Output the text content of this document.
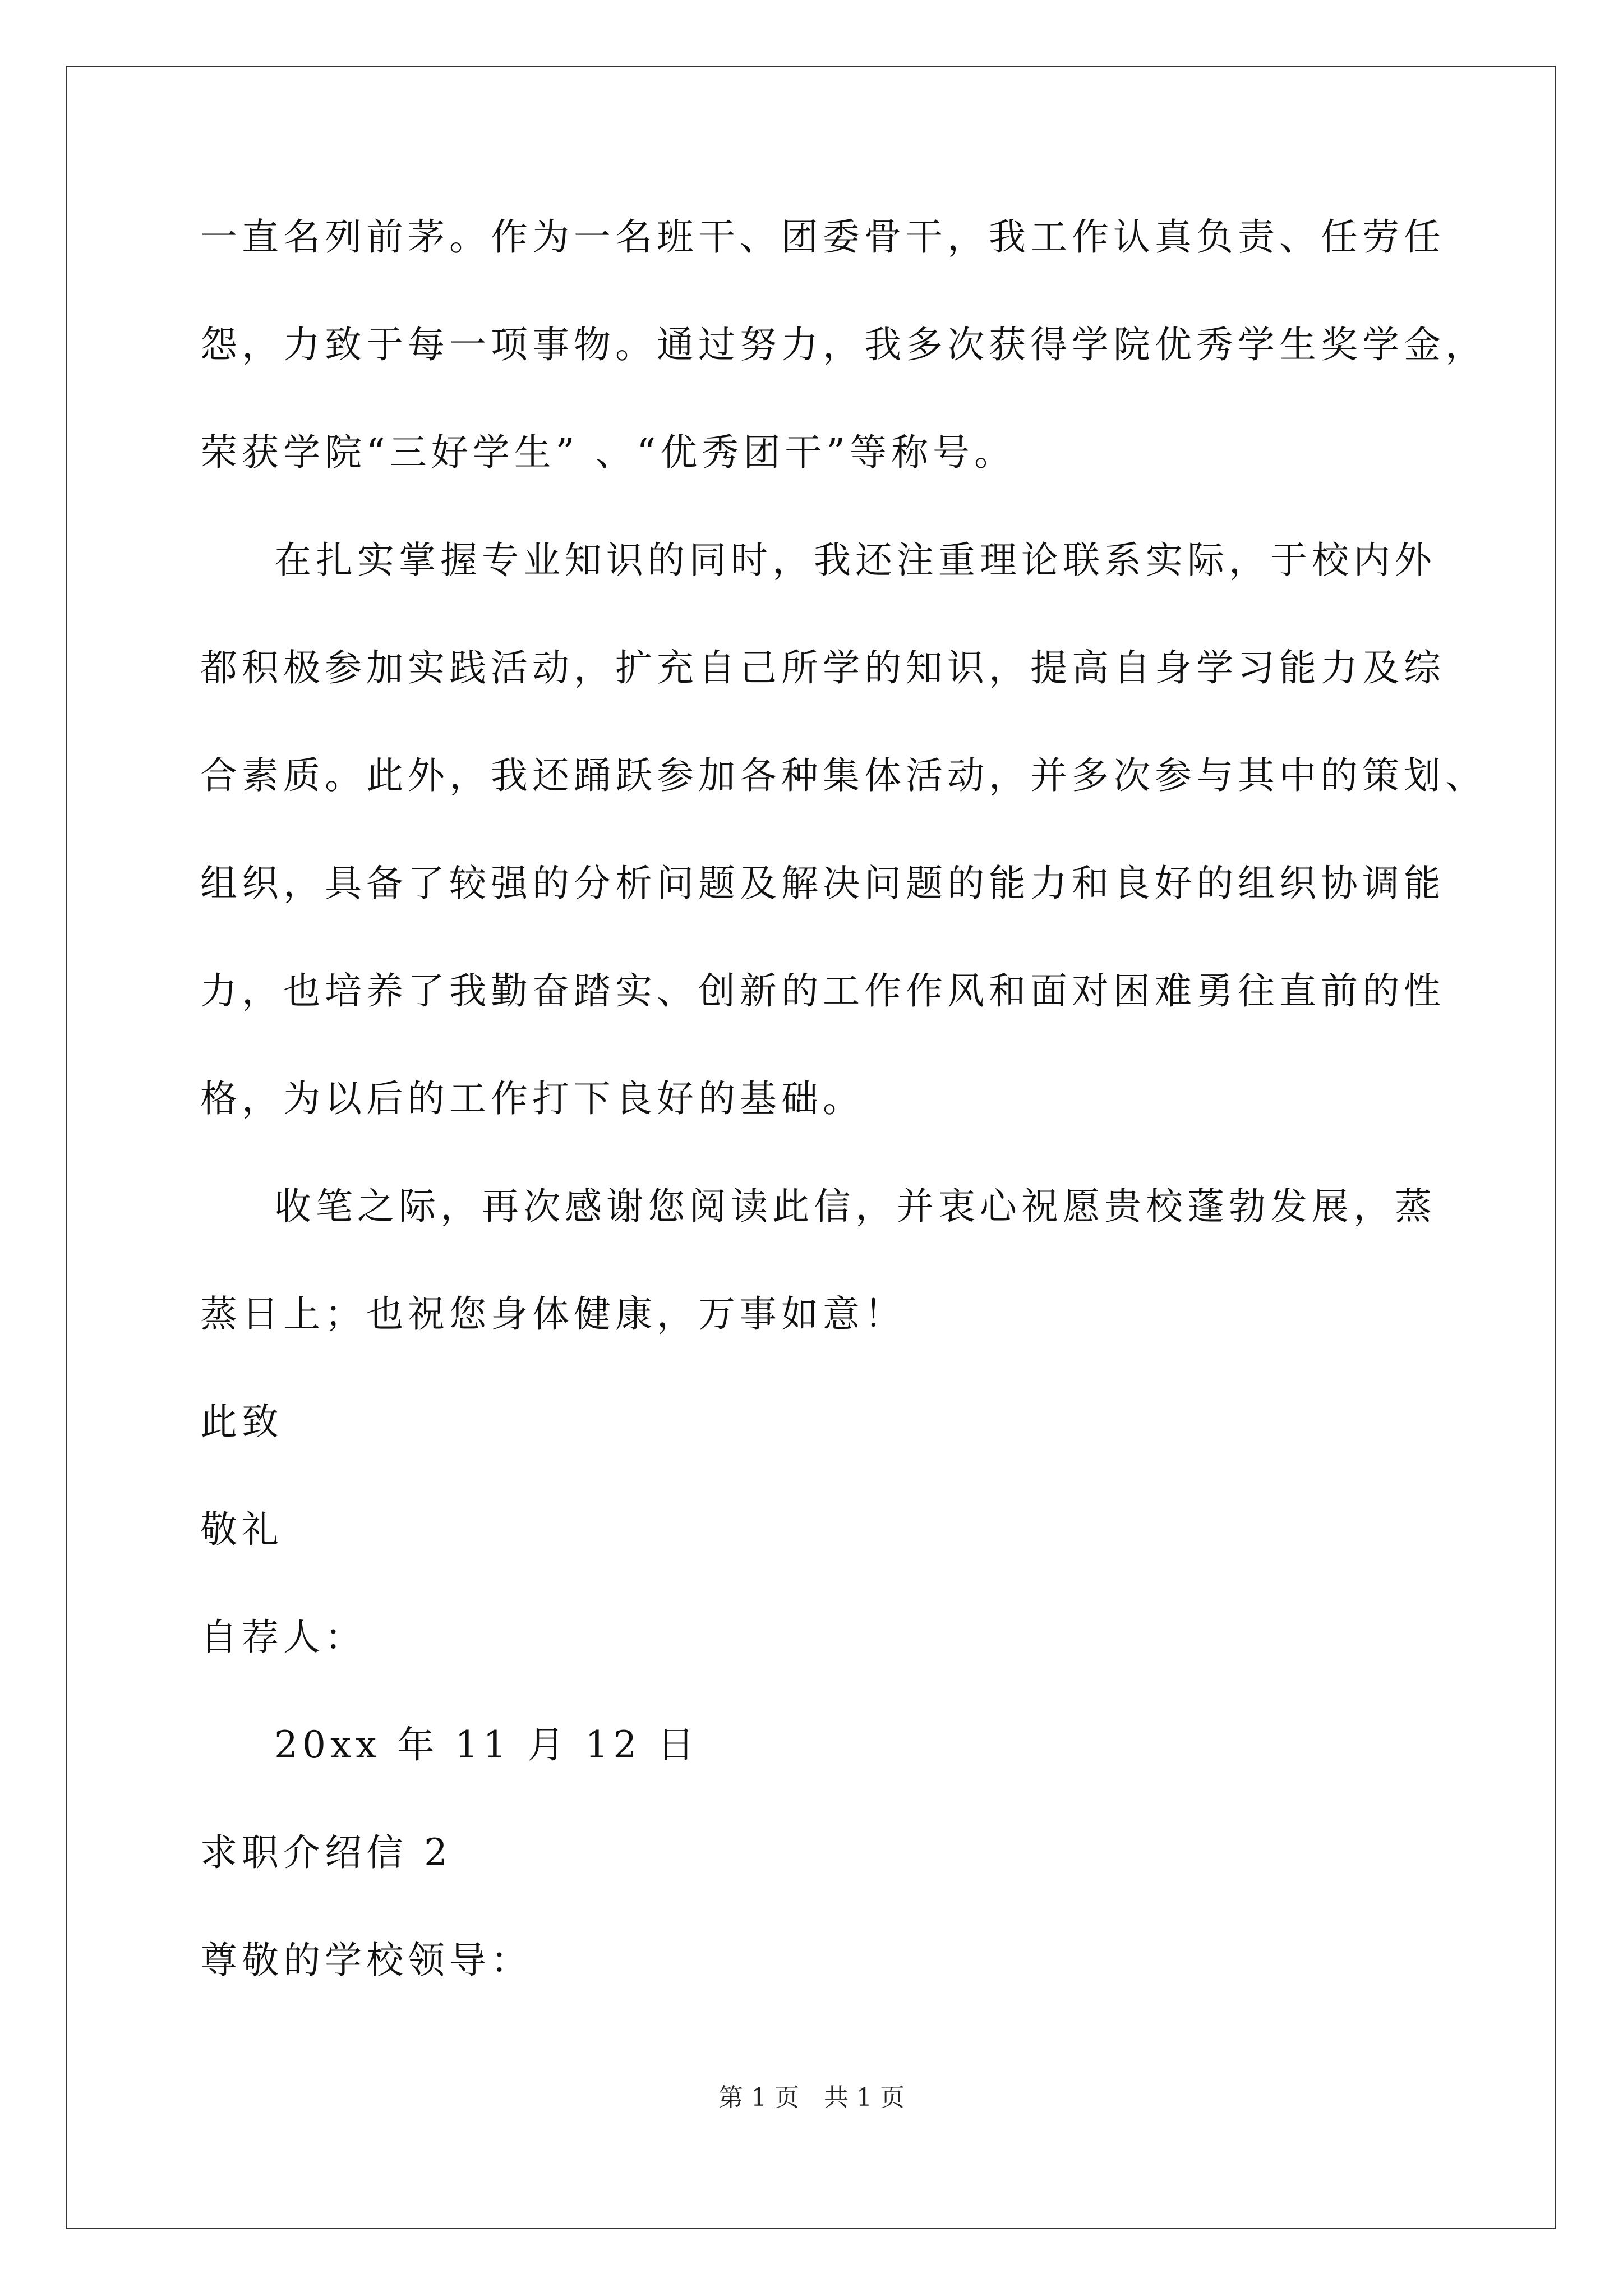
一直名列前茅。作为一名班干、团委骨干，我工作认真负责、任劳任
怨，力致于每一项事物。通过努力，我多次获得学院优秀学生奖学金，
荣获学院“三好学生” 、“优秀团干”等称号。
在扎实掌握专业知识的同时，我还注重理论联系实际，于校内外
都积极参加实践活动，扩充自己所学的知识，提高自身学习能力及综
合素质。此外，我还踊跃参加各种集体活动，并多次参与其中的策划、
组织，具备了较强的分析问题及解决问题的能力和良好的组织协调能
力，也培养了我勤奋踏实、创新的工作作风和面对困难勇往直前的性
格，为以后的工作打下良好的基础。
收笔之际，再次感谢您阅读此信，并衷心祝愿贵校蓬勃发展，蒸
蒸日上；也祝您身体健康，万事如意！
此致
敬礼
自荐人：
20xx 年 11 月 12 日
求职介绍信 2
尊敬的学校领导：
第 1 页　共 1 页
